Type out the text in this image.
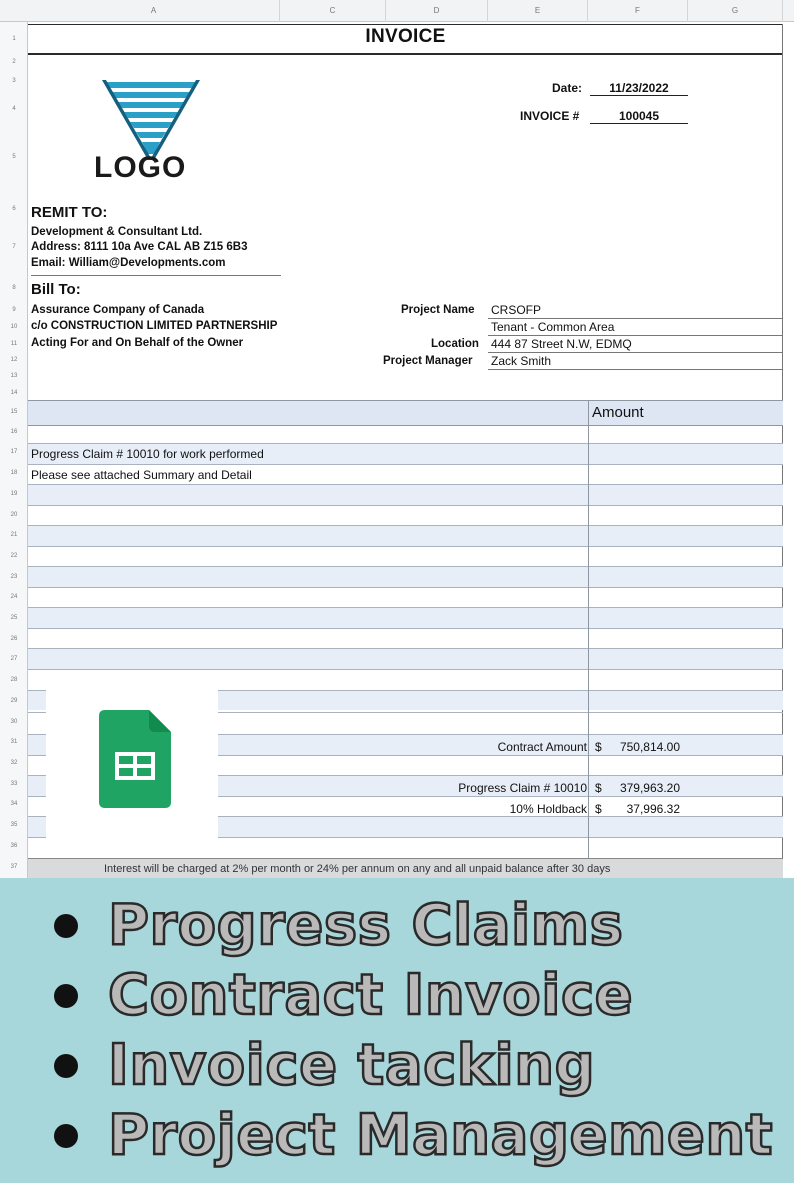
A	C	D	E	F	G
1
2
3
4
5
6
7
8
9
10
11
12
13
14
15
16
17
18
19
20
21
22
23
24
25
26
27
28
29
30
31
32
33
34
35
36
37
INVOICE
LOGO
Date:	11/23/2022
INVOICE #	100045
REMIT TO:
Development & Consultant Ltd.
Address: 8111 10a Ave CAL AB Z15 6B3
Email: William@Developments.com
Bill To:
Assurance Company of Canada
c/o CONSTRUCTION LIMITED PARTNERSHIP
Acting For and On Behalf of the Owner
Project Name CRSOFP
Tenant - Common Area
Location 444 87 Street N.W, EDMQ
Project Manager Zack Smith
Amount
Progress Claim # 10010 for work performed
Please see attached Summary and Detail
Contract Amount $ 750,814.00
Progress Claim # 10010 $ 379,963.20
10% Holdback $ 37,996.32
Interest will be charged at 2% per month or 24% per annum on any and all unpaid balance after 30 days
Progress Claims
Contract Invoice
Invoice tacking
Project Management
